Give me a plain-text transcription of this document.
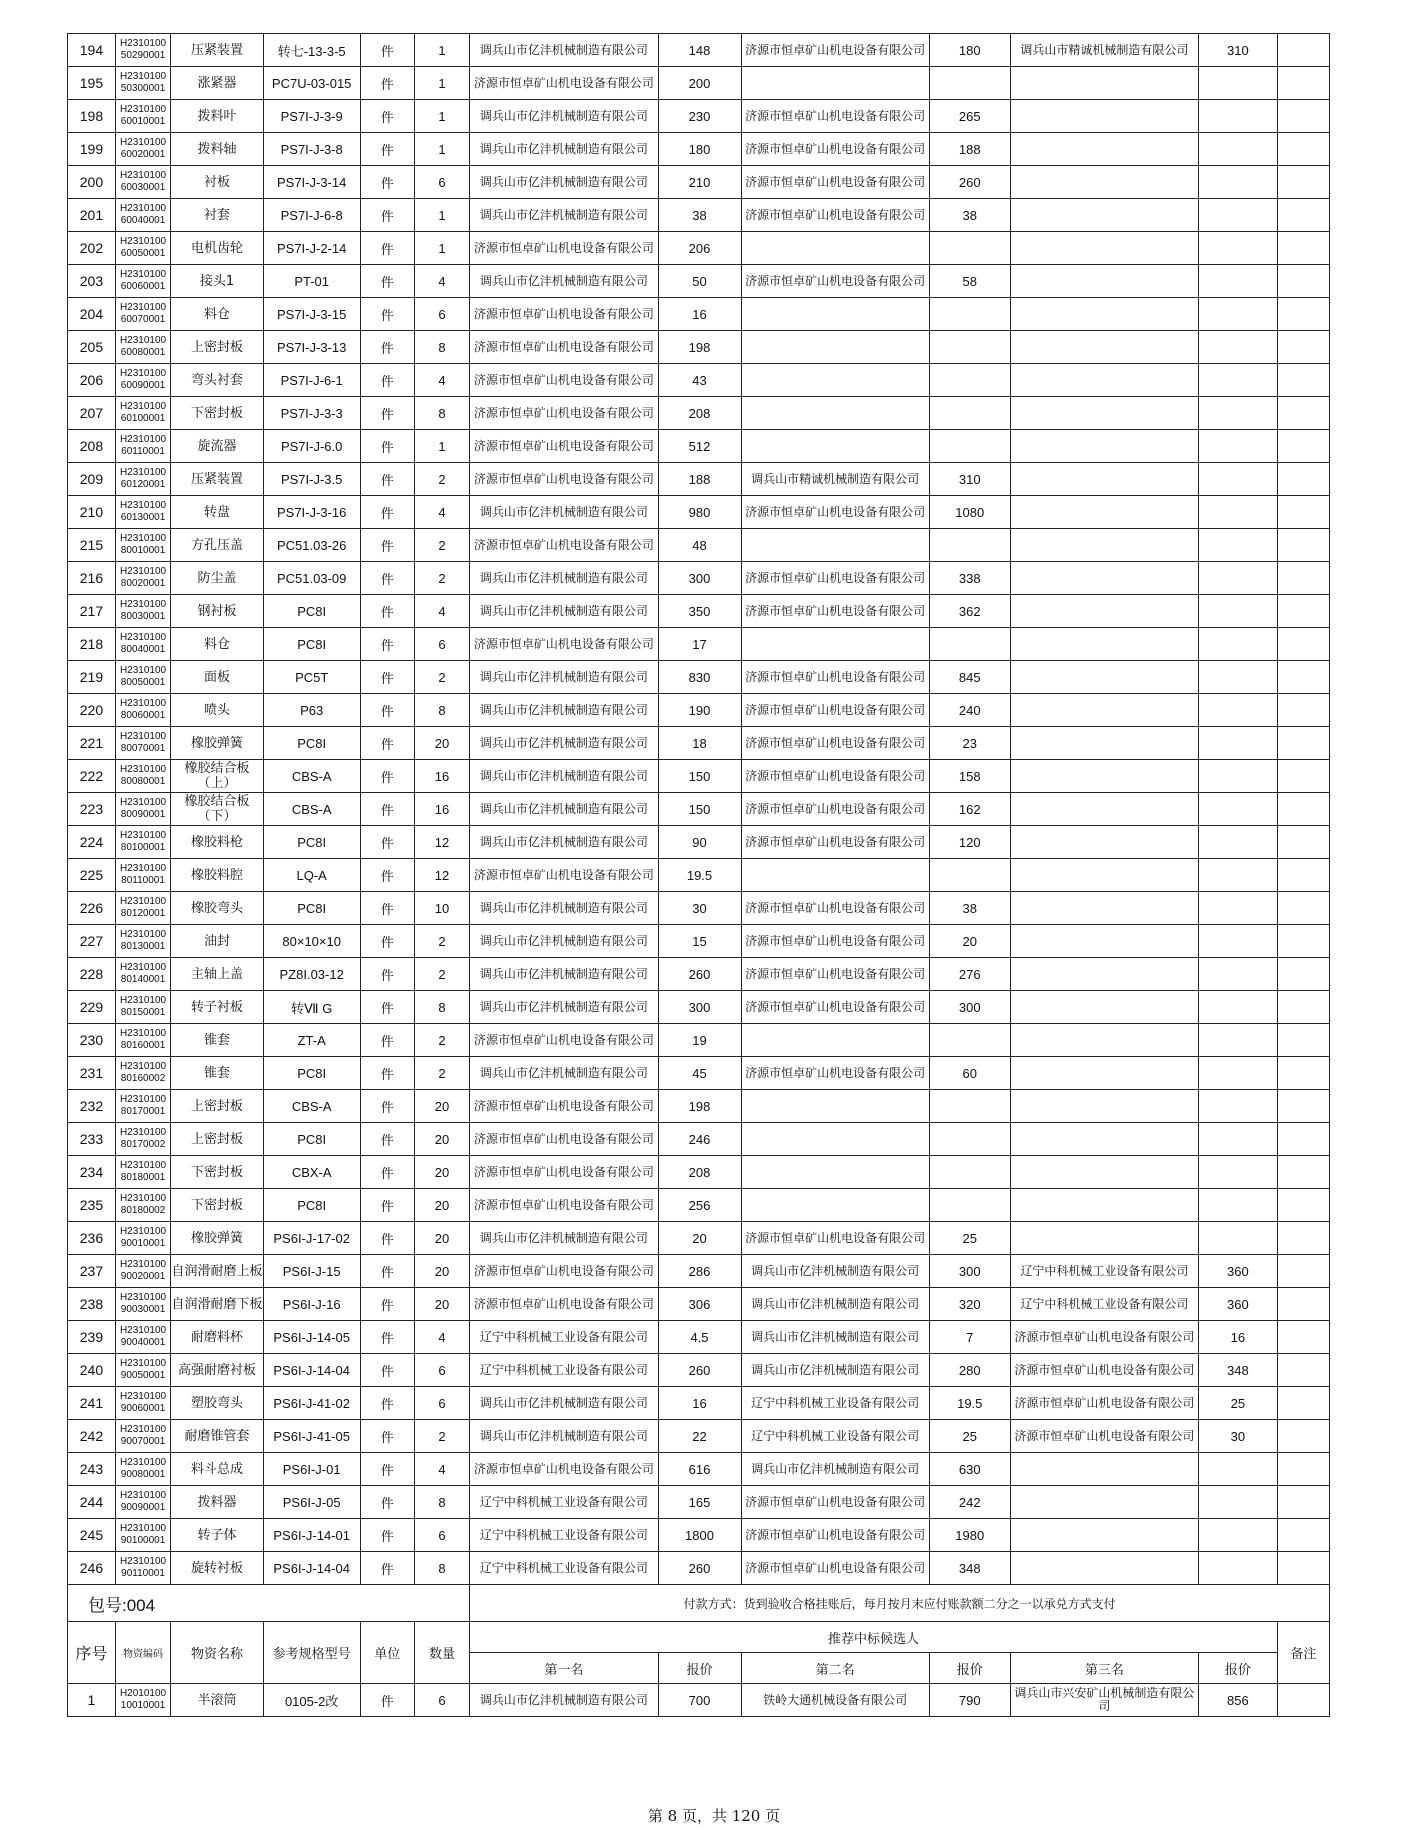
194	H231010050290001	压紧装置	转七-13-3-5	件	1	调兵山市亿沣机械制造有限公司	148	济源市恒卓矿山机电设备有限公司	180	调兵山市精诚机械制造有限公司	310	
195	H231010050300001	涨紧器	PC7U-03-015	件	1	济源市恒卓矿山机电设备有限公司	200					
198	H231010060010001	拨料叶	PS7I-J-3-9	件	1	调兵山市亿沣机械制造有限公司	230	济源市恒卓矿山机电设备有限公司	265			
199	H231010060020001	拨料轴	PS7I-J-3-8	件	1	调兵山市亿沣机械制造有限公司	180	济源市恒卓矿山机电设备有限公司	188			
200	H231010060030001	衬板	PS7I-J-3-14	件	6	调兵山市亿沣机械制造有限公司	210	济源市恒卓矿山机电设备有限公司	260			
201	H231010060040001	衬套	PS7I-J-6-8	件	1	调兵山市亿沣机械制造有限公司	38	济源市恒卓矿山机电设备有限公司	38			
202	H231010060050001	电机齿轮	PS7I-J-2-14	件	1	济源市恒卓矿山机电设备有限公司	206					
203	H231010060060001	接头1	PT-01	件	4	调兵山市亿沣机械制造有限公司	50	济源市恒卓矿山机电设备有限公司	58			
204	H231010060070001	料仓	PS7I-J-3-15	件	6	济源市恒卓矿山机电设备有限公司	16					
205	H231010060080001	上密封板	PS7I-J-3-13	件	8	济源市恒卓矿山机电设备有限公司	198					
206	H231010060090001	弯头衬套	PS7I-J-6-1	件	4	济源市恒卓矿山机电设备有限公司	43					
207	H231010060100001	下密封板	PS7I-J-3-3	件	8	济源市恒卓矿山机电设备有限公司	208					
208	H231010060110001	旋流器	PS7I-J-6.0	件	1	济源市恒卓矿山机电设备有限公司	512					
209	H231010060120001	压紧装置	PS7I-J-3.5	件	2	济源市恒卓矿山机电设备有限公司	188	调兵山市精诚机械制造有限公司	310			
210	H231010060130001	转盘	PS7I-J-3-16	件	4	调兵山市亿沣机械制造有限公司	980	济源市恒卓矿山机电设备有限公司	1080			
215	H231010080010001	方孔压盖	PC51.03-26	件	2	济源市恒卓矿山机电设备有限公司	48					
216	H231010080020001	防尘盖	PC51.03-09	件	2	调兵山市亿沣机械制造有限公司	300	济源市恒卓矿山机电设备有限公司	338			
217	H231010080030001	钢衬板	PC8I	件	4	调兵山市亿沣机械制造有限公司	350	济源市恒卓矿山机电设备有限公司	362			
218	H231010080040001	料仓	PC8I	件	6	济源市恒卓矿山机电设备有限公司	17					
219	H231010080050001	面板	PC5T	件	2	调兵山市亿沣机械制造有限公司	830	济源市恒卓矿山机电设备有限公司	845			
220	H231010080060001	喷头	P63	件	8	调兵山市亿沣机械制造有限公司	190	济源市恒卓矿山机电设备有限公司	240			
221	H231010080070001	橡胶弹簧	PC8I	件	20	调兵山市亿沣机械制造有限公司	18	济源市恒卓矿山机电设备有限公司	23			
222	H231010080080001	橡胶结合板（上）	CBS-A	件	16	调兵山市亿沣机械制造有限公司	150	济源市恒卓矿山机电设备有限公司	158			
223	H231010080090001	橡胶结合板（下）	CBS-A	件	16	调兵山市亿沣机械制造有限公司	150	济源市恒卓矿山机电设备有限公司	162			
224	H231010080100001	橡胶料枪	PC8I	件	12	调兵山市亿沣机械制造有限公司	90	济源市恒卓矿山机电设备有限公司	120			
225	H231010080110001	橡胶料腔	LQ-A	件	12	济源市恒卓矿山机电设备有限公司	19.5					
226	H231010080120001	橡胶弯头	PC8I	件	10	调兵山市亿沣机械制造有限公司	30	济源市恒卓矿山机电设备有限公司	38			
227	H231010080130001	油封	80×10×10	件	2	调兵山市亿沣机械制造有限公司	15	济源市恒卓矿山机电设备有限公司	20			
228	H231010080140001	主轴上盖	PZ8I.03-12	件	2	调兵山市亿沣机械制造有限公司	260	济源市恒卓矿山机电设备有限公司	276			
229	H231010080150001	转子衬板	转Ⅶ G	件	8	调兵山市亿沣机械制造有限公司	300	济源市恒卓矿山机电设备有限公司	300			
230	H231010080160001	锥套	ZT-A	件	2	济源市恒卓矿山机电设备有限公司	19					
231	H231010080160002	锥套	PC8I	件	2	调兵山市亿沣机械制造有限公司	45	济源市恒卓矿山机电设备有限公司	60			
232	H231010080170001	上密封板	CBS-A	件	20	济源市恒卓矿山机电设备有限公司	198					
233	H231010080170002	上密封板	PC8I	件	20	济源市恒卓矿山机电设备有限公司	246					
234	H231010080180001	下密封板	CBX-A	件	20	济源市恒卓矿山机电设备有限公司	208					
235	H231010080180002	下密封板	PC8I	件	20	济源市恒卓矿山机电设备有限公司	256					
236	H231010090010001	橡胶弹簧	PS6I-J-17-02	件	20	调兵山市亿沣机械制造有限公司	20	济源市恒卓矿山机电设备有限公司	25			
237	H231010090020001	自润滑耐磨上板	PS6I-J-15	件	20	济源市恒卓矿山机电设备有限公司	286	调兵山市亿沣机械制造有限公司	300	辽宁中科机械工业设备有限公司	360	
238	H231010090030001	自润滑耐磨下板	PS6I-J-16	件	20	济源市恒卓矿山机电设备有限公司	306	调兵山市亿沣机械制造有限公司	320	辽宁中科机械工业设备有限公司	360	
239	H231010090040001	耐磨料杯	PS6I-J-14-05	件	4	辽宁中科机械工业设备有限公司	4.5	调兵山市亿沣机械制造有限公司	7	济源市恒卓矿山机电设备有限公司	16	
240	H231010090050001	高强耐磨衬板	PS6I-J-14-04	件	6	辽宁中科机械工业设备有限公司	260	调兵山市亿沣机械制造有限公司	280	济源市恒卓矿山机电设备有限公司	348	
241	H231010090060001	塑胶弯头	PS6I-J-41-02	件	6	调兵山市亿沣机械制造有限公司	16	辽宁中科机械工业设备有限公司	19.5	济源市恒卓矿山机电设备有限公司	25	
242	H231010090070001	耐磨锥管套	PS6I-J-41-05	件	2	调兵山市亿沣机械制造有限公司	22	辽宁中科机械工业设备有限公司	25	济源市恒卓矿山机电设备有限公司	30	
243	H231010090080001	料斗总成	PS6I-J-01	件	4	济源市恒卓矿山机电设备有限公司	616	调兵山市亿沣机械制造有限公司	630			
244	H231010090090001	拨料器	PS6I-J-05	件	8	辽宁中科机械工业设备有限公司	165	济源市恒卓矿山机电设备有限公司	242			
245	H231010090100001	转子体	PS6I-J-14-01	件	6	辽宁中科机械工业设备有限公司	1800	济源市恒卓矿山机电设备有限公司	1980			
246	H231010090110001	旋转衬板	PS6I-J-14-04	件	8	辽宁中科机械工业设备有限公司	260	济源市恒卓矿山机电设备有限公司	348			
包号:004						付款方式：货到验收合格挂账后，每月按月末应付账款额二分之一以承兑方式支付						
序号	物资编码	物资名称	参考规格型号	单位	数量	推荐中标候选人						备注
						第一名	报价	第二名	报价	第三名	报价	
1	H201010010010001	半滚筒	0105-2改	件	6	调兵山市亿沣机械制造有限公司	700	铁岭大通机械设备有限公司	790	调兵山市兴安矿山机械制造有限公司	856	
第 8 页，共 120 页
